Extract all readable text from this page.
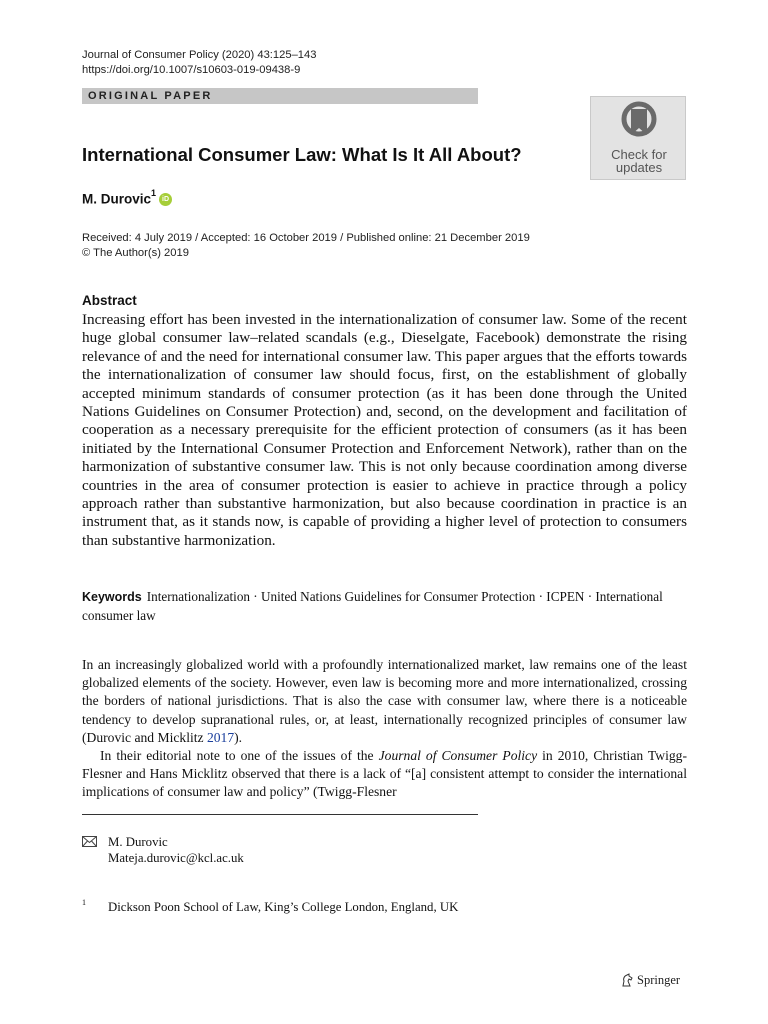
Journal of Consumer Policy (2020) 43:125–143
https://doi.org/10.1007/s10603-019-09438-9
ORIGINAL PAPER
Check for
updates
International Consumer Law: What Is It All About?
M. Durovic$^1$iD
Received: 4 July 2019 / Accepted: 16 October 2019 / Published online: 21 December 2019
© The Author(s) 2019
Abstract

Increasing effort has been invested in the internationalization of consumer law. Some of the recent huge global consumer law–related scandals (e.g., Dieselgate, Facebook) demonstrate the rising relevance of and the need for international consumer law. This paper argues that the efforts towards the internationalization of consumer law should focus, first, on the establishment of globally accepted minimum standards of consumer protection (as it has been done through the United Nations Guidelines on Consumer Protection) and, second, on the development and facilitation of cooperation as a necessary prerequisite for the efficient protection of consumers (as it has been initiated by the International Consumer Protection and Enforcement Network), rather than on the harmonization of substantive consumer law. This is not only because coordination among diverse countries in the area of consumer protection is easier to achieve in practice through a policy approach rather than substantive harmonization, but also because coordination in practice is an instrument that, as it stands now, is capable of providing a higher level of protection to consumers than substantive harmonization.

Keywords Internationalization · United Nations Guidelines for Consumer Protection · ICPEN · International consumer law

In an increasingly globalized world with a profoundly internationalized market, law remains one of the least globalized elements of the society. However, even law is becoming more and more internationalized, crossing the borders of national jurisdictions. That is also the case with consumer law, where there is a noticeable tendency to develop supranational rules, or, at least, internationally recognized principles of consumer law (Durovic and Micklitz 2017).

In their editorial note to one of the issues of the Journal of Consumer Policy in 2010, Christian Twigg-Flesner and Hans Micklitz observed that there is a lack of “[a] consistent attempt to consider the international implications of consumer law and policy” (Twigg-Flesner

M. Durovic
Mateja.durovic@kcl.ac.uk
1 Dickson Poon School of Law, King’s College London, England, UK
Springer
